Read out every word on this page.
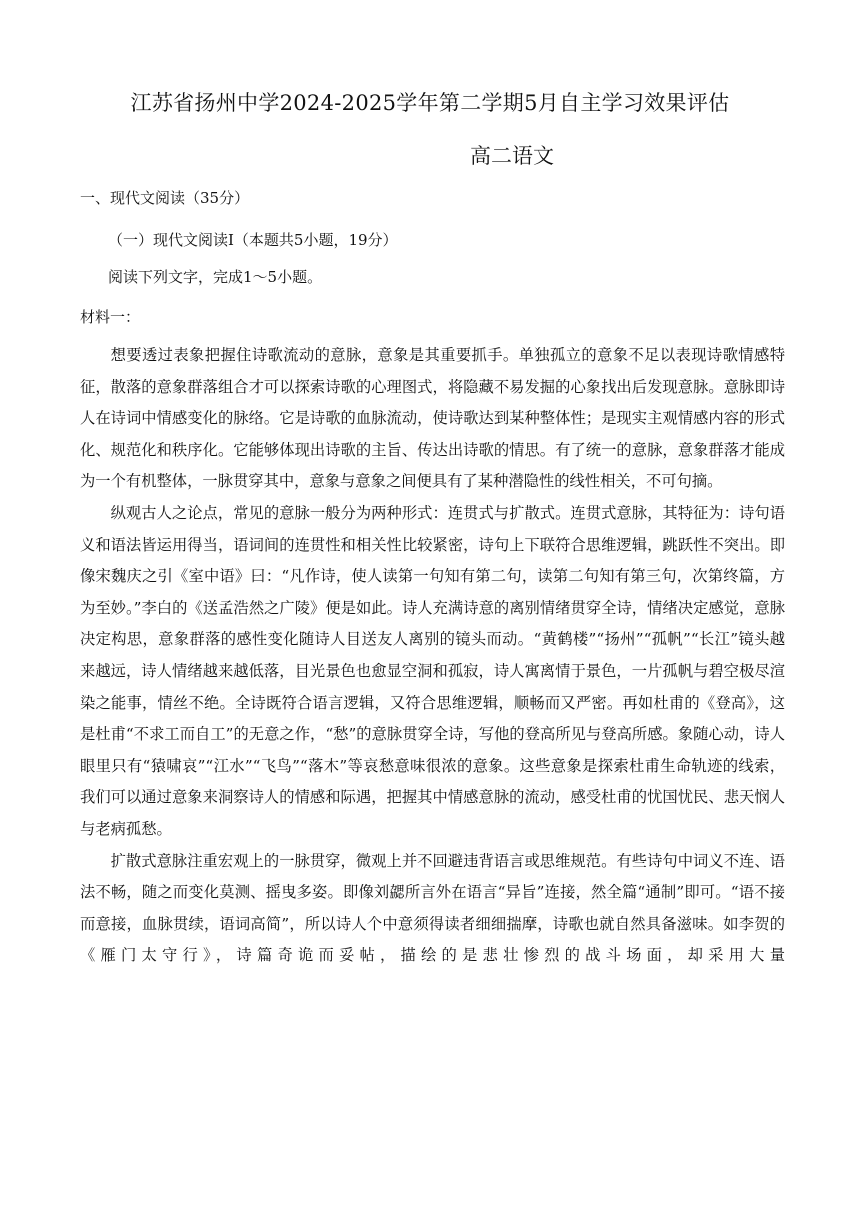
江苏省扬州中学2024-2025学年第二学期5月自主学习效果评估
高二语文
一、现代文阅读（35分）
（一）现代文阅读Ⅰ（本题共5小题，19分）
阅读下列文字，完成1～5小题。
材料一：

想要透过表象把握住诗歌流动的意脉，意象是其重要抓手。单独孤立的意象不足以表现诗歌情感特征，散落的意象群落组合才可以探索诗歌的心理图式，将隐藏不易发掘的心象找出后发现意脉。意脉即诗人在诗词中情感变化的脉络。它是诗歌的血脉流动，使诗歌达到某种整体性；是现实主观情感内容的形式化、规范化和秩序化。它能够体现出诗歌的主旨、传达出诗歌的情思。有了统一的意脉，意象群落才能成为一个有机整体，一脉贯穿其中，意象与意象之间便具有了某种潜隐性的线性相关，不可句摘。

纵观古人之论点，常见的意脉一般分为两种形式：连贯式与扩散式。连贯式意脉，其特征为：诗句语义和语法皆运用得当，语词间的连贯性和相关性比较紧密，诗句上下联符合思维逻辑，跳跃性不突出。即像宋魏庆之引《室中语》曰：“凡作诗，使人读第一句知有第二句，读第二句知有第三句，次第终篇，方为至妙。”李白的《送孟浩然之广陵》便是如此。诗人充满诗意的离别情绪贯穿全诗，情绪决定感觉，意脉决定构思，意象群落的感性变化随诗人目送友人离别的镜头而动。“黄鹤楼”“扬州”“孤帆”“长江”镜头越来越远，诗人情绪越来越低落，目光景色也愈显空洞和孤寂，诗人寓离情于景色，一片孤帆与碧空极尽渲染之能事，情丝不绝。全诗既符合语言逻辑，又符合思维逻辑，顺畅而又严密。再如杜甫的《登高》，这是杜甫“不求工而自工”的无意之作，“愁”的意脉贯穿全诗，写他的登高所见与登高所感。象随心动，诗人眼里只有“猿啸哀”“江水”“飞鸟”“落木”等哀愁意味很浓的意象。这些意象是探索杜甫生命轨迹的线索，我们可以通过意象来洞察诗人的情感和际遇，把握其中情感意脉的流动，感受杜甫的忧国忧民、悲天悯人与老病孤愁。

扩散式意脉注重宏观上的一脉贯穿，微观上并不回避违背语言或思维规范。有些诗句中词义不连、语法不畅，随之而变化莫测、摇曳多姿。即像刘勰所言外在语言“异旨”连接，然全篇“通制”即可。“语不接而意接，血脉贯续，语词高简”，所以诗人个中意须得读者细细揣摩，诗歌也就自然具备滋味。如李贺的《雁门太守行》，诗篇奇诡而妥帖，描绘的是悲壮惨烈的战斗场面，却采用大量
